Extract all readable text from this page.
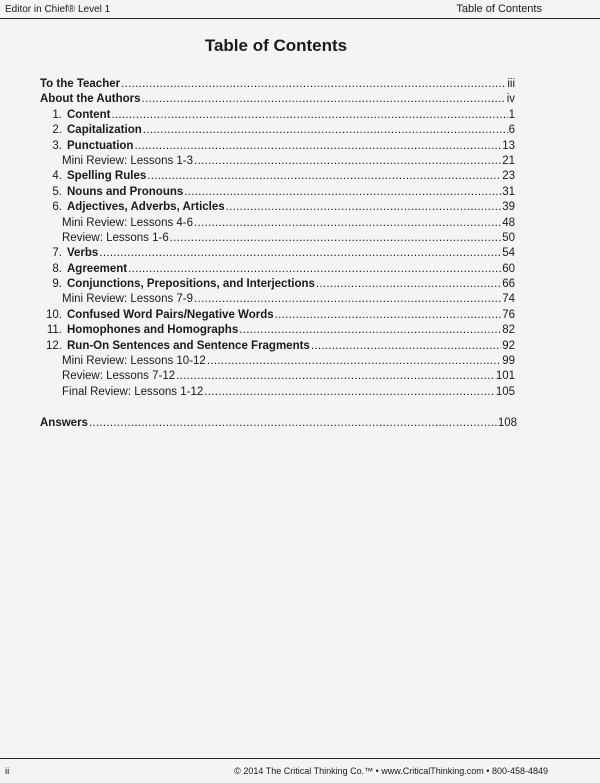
Editor in Chief® Level 1	Table of Contents
Table of Contents
To the Teacher .....	iii
About the Authors .....	iv
1. Content .....	1
2. Capitalization .....	6
3. Punctuation .....	13
Mini Review: Lessons 1-3 .....	21
4. Spelling Rules .....	23
5. Nouns and Pronouns .....	31
6. Adjectives, Adverbs, Articles .....	39
Mini Review: Lessons 4-6 .....	48
Review: Lessons 1-6 .....	50
7. Verbs .....	54
8. Agreement .....	60
9. Conjunctions, Prepositions, and Interjections .....	66
Mini Review: Lessons 7-9 .....	74
10. Confused Word Pairs/Negative Words .....	76
11. Homophones and Homographs .....	82
12. Run-On Sentences and Sentence Fragments .....	92
Mini Review: Lessons 10-12 .....	99
Review: Lessons 7-12 .....	101
Final Review: Lessons 1-12 .....	105
Answers .....	108
ii	© 2014 The Critical Thinking Co.™ • www.CriticalThinking.com • 800-458-4849
